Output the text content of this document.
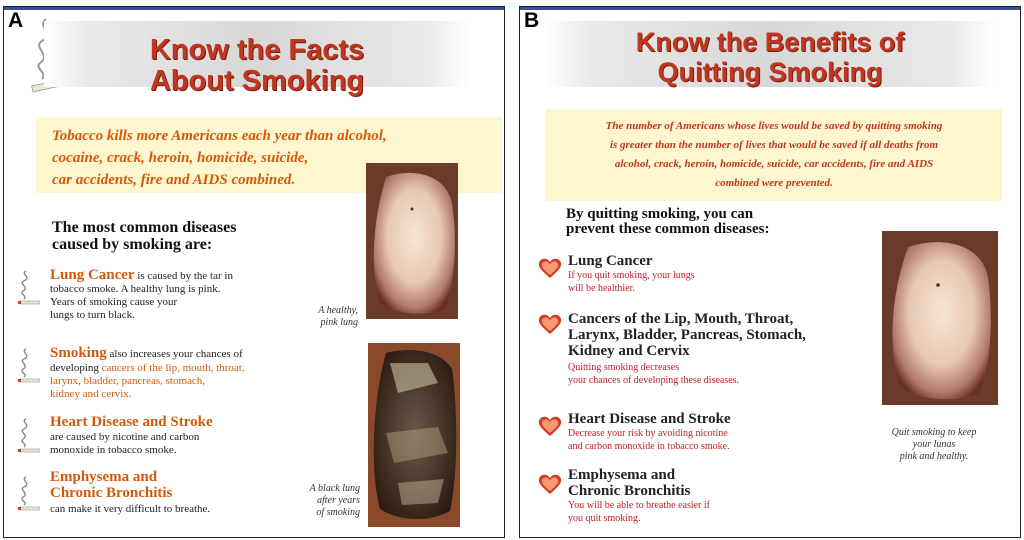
A
Know the Facts
About Smoking
Tobacco kills more Americans each year than alcohol,
cocaine, crack, heroin, homicide, suicide,
car accidents, fire and AIDS combined.
The most common diseases
caused by smoking are:
A healthy,
pink lung
A black lung
after years
of smoking
Lung Cancer is caused by the tar in
tobacco smoke. A healthy lung is pink.
Years of smoking cause your
lungs to turn black.
Smoking also increases your chances of
developing cancers of the lip, mouth, throat,
larynx, bladder, pancreas, stomach,
kidney and cervix.
Heart Disease and Stroke
are caused by nicotine and carbon
monoxide in tobacco smoke.
Emphysema and
Chronic Bronchitis
can make it very difficult to breathe.
B
Know the Benefits of
Quitting Smoking
The number of Americans whose lives would be saved by quitting smoking
is greater than the number of lives that would be saved if all deaths from
alcohol, crack, heroin, homicide, suicide, car accidents, fire and AIDS
combined were prevented.
By quitting smoking, you can
prevent these common diseases:
Quit smoking to keep
your lunas
pink and healthy.
Lung Cancer
If you quit smoking, your lungs
will be healthier.
Cancers of the Lip, Mouth, Throat,
Larynx, Bladder, Pancreas, Stomach,
Kidney and Cervix
Quitting smoking decreases
your chances of developing these diseases.
Heart Disease and Stroke
Decrease your risk by avoiding nicotine
and carbon monoxide in tobacco smoke.
Emphysema and
Chronic Bronchitis
You will be able to breathe easier if
you quit smoking.
